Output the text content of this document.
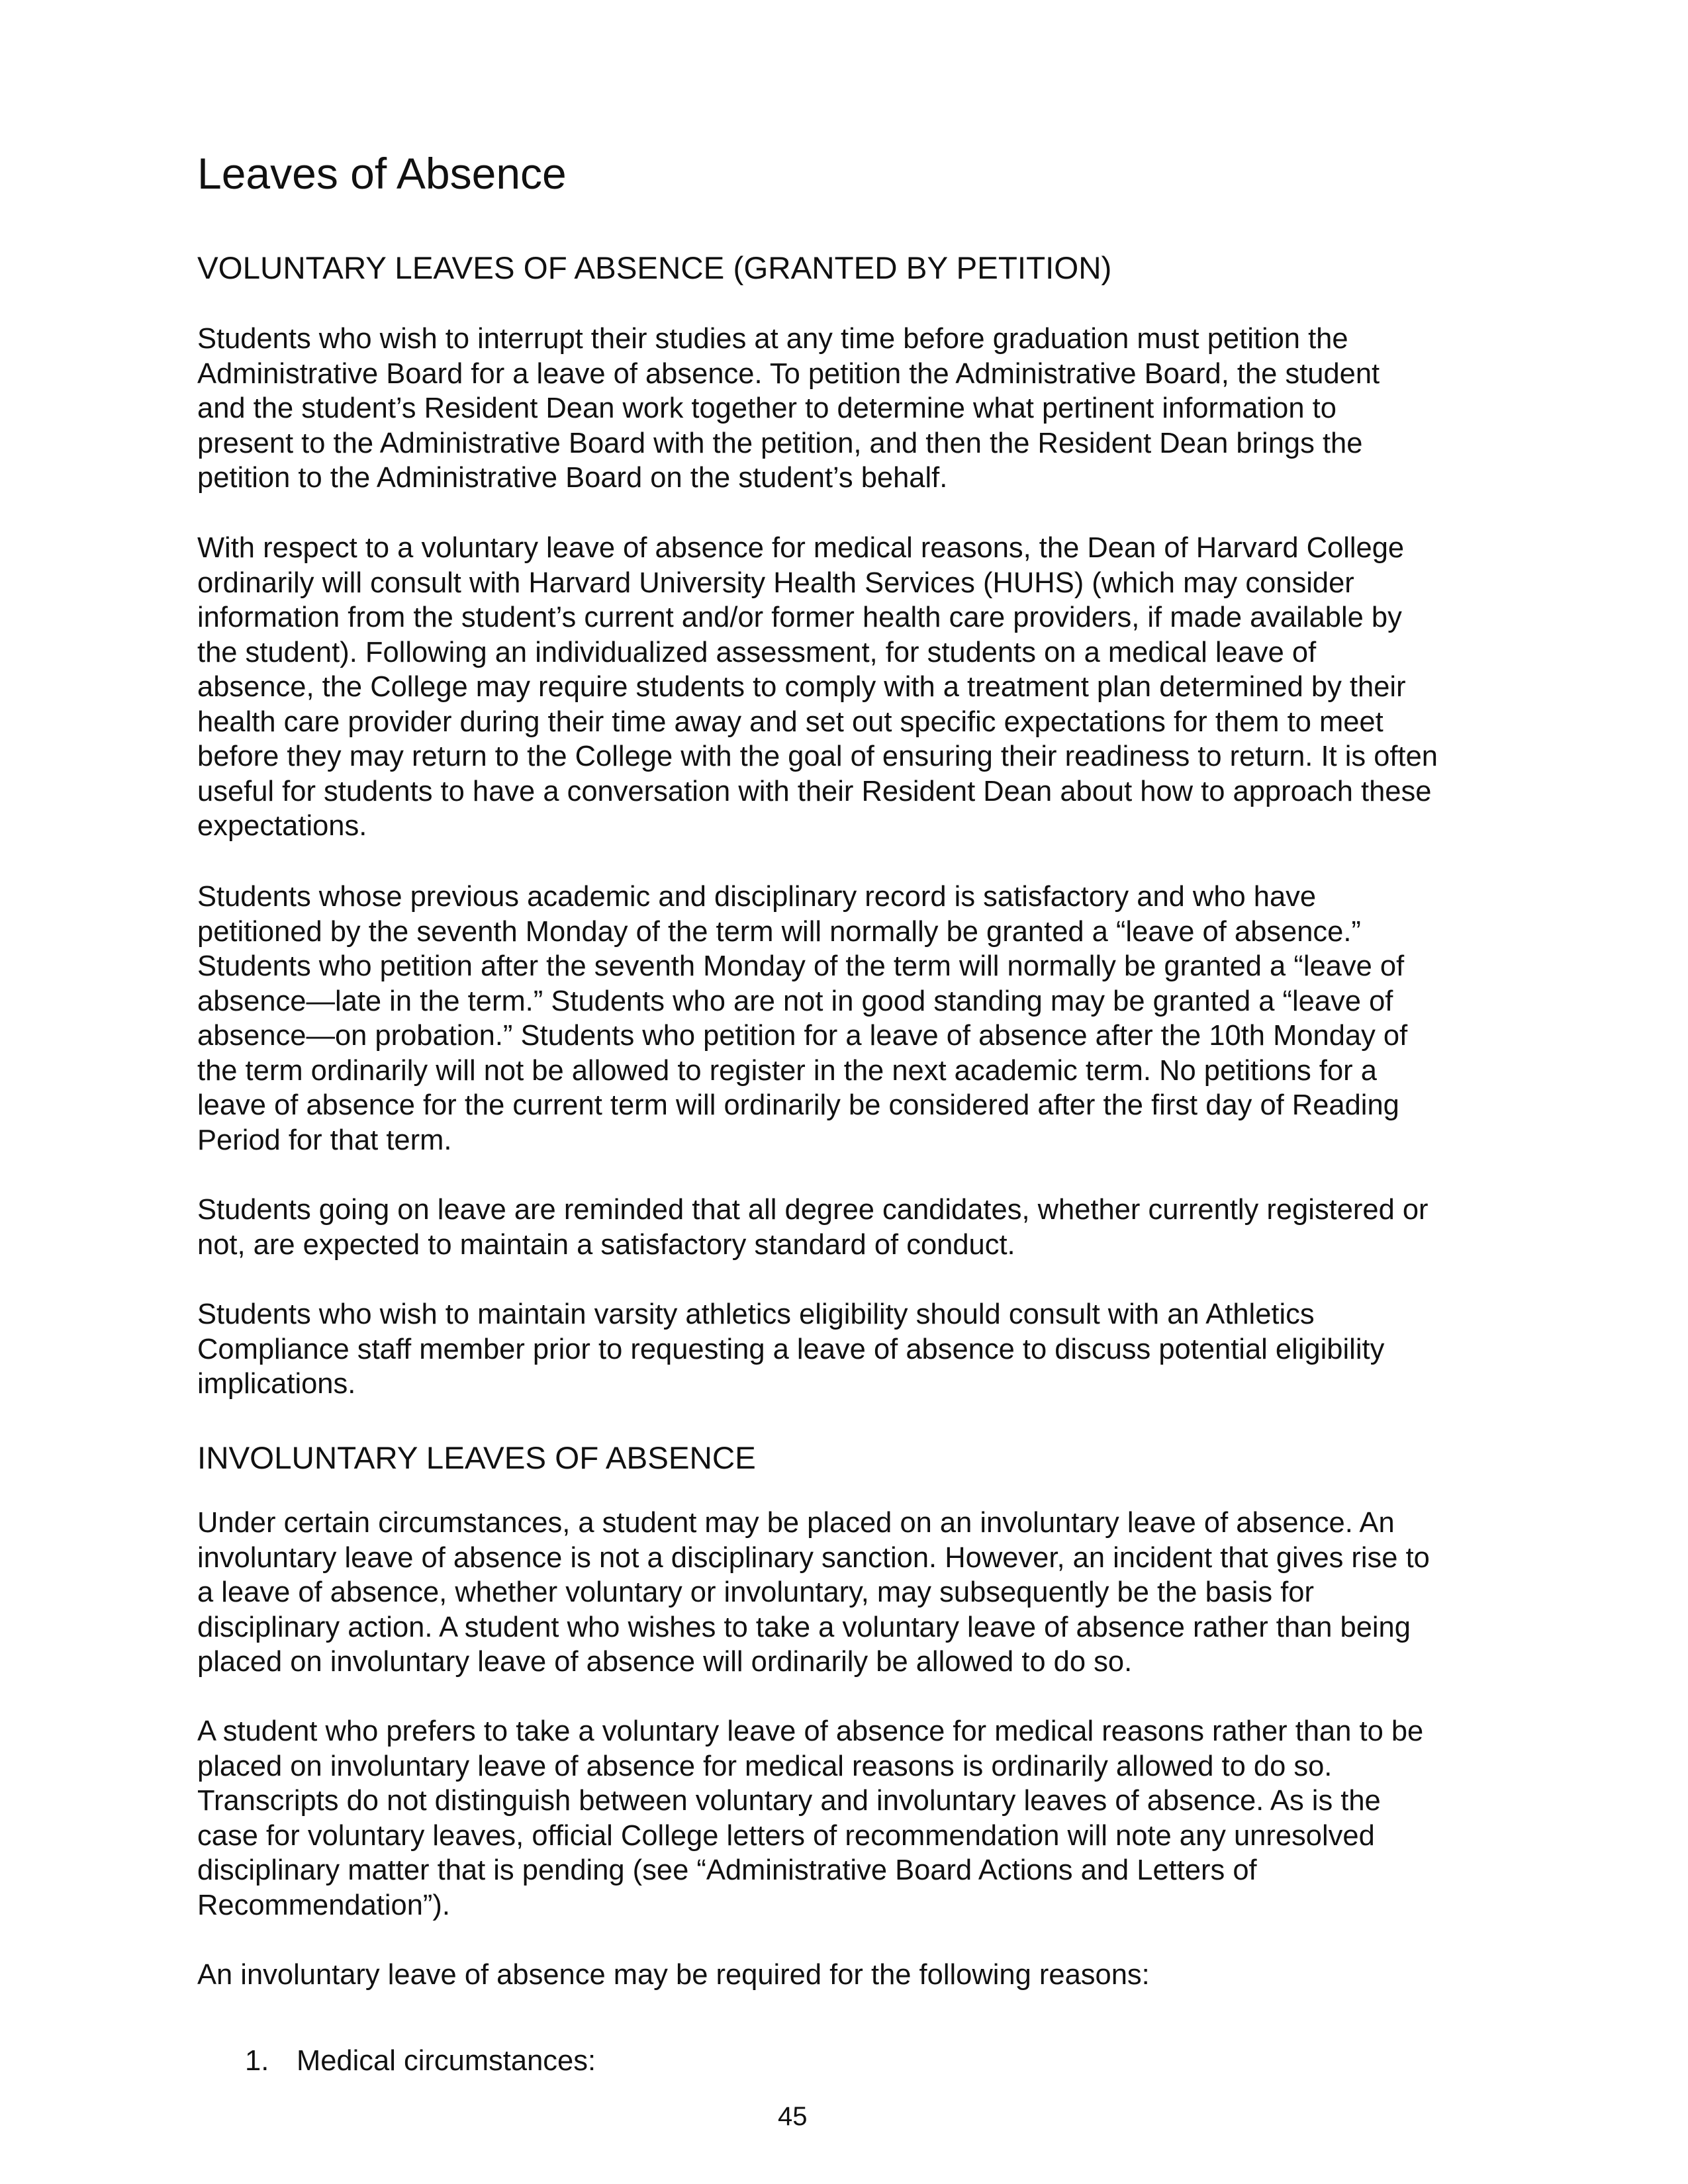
Leaves of Absence
VOLUNTARY LEAVES OF ABSENCE (GRANTED BY PETITION)

Students who wish to interrupt their studies at any time before graduation must petition the
Administrative Board for a leave of absence. To petition the Administrative Board, the student
and the student’s Resident Dean work together to determine what pertinent information to
present to the Administrative Board with the petition, and then the Resident Dean brings the
petition to the Administrative Board on the student’s behalf.

With respect to a voluntary leave of absence for medical reasons, the Dean of Harvard College
ordinarily will consult with Harvard University Health Services (HUHS) (which may consider
information from the student’s current and/or former health care providers, if made available by
the student). Following an individualized assessment, for students on a medical leave of
absence, the College may require students to comply with a treatment plan determined by their
health care provider during their time away and set out specific expectations for them to meet
before they may return to the College with the goal of ensuring their readiness to return. It is often
useful for students to have a conversation with their Resident Dean about how to approach these
expectations.

Students whose previous academic and disciplinary record is satisfactory and who have
petitioned by the seventh Monday of the term will normally be granted a “leave of absence.”
Students who petition after the seventh Monday of the term will normally be granted a “leave of
absence—late in the term.” Students who are not in good standing may be granted a “leave of
absence—on probation.” Students who petition for a leave of absence after the 10th Monday of
the term ordinarily will not be allowed to register in the next academic term. No petitions for a
leave of absence for the current term will ordinarily be considered after the first day of Reading
Period for that term.

Students going on leave are reminded that all degree candidates, whether currently registered or
not, are expected to maintain a satisfactory standard of conduct.

Students who wish to maintain varsity athletics eligibility should consult with an Athletics
Compliance staff member prior to requesting a leave of absence to discuss potential eligibility
implications.

INVOLUNTARY LEAVES OF ABSENCE

Under certain circumstances, a student may be placed on an involuntary leave of absence. An
involuntary leave of absence is not a disciplinary sanction. However, an incident that gives rise to
a leave of absence, whether voluntary or involuntary, may subsequently be the basis for
disciplinary action. A student who wishes to take a voluntary leave of absence rather than being
placed on involuntary leave of absence will ordinarily be allowed to do so.

A student who prefers to take a voluntary leave of absence for medical reasons rather than to be
placed on involuntary leave of absence for medical reasons is ordinarily allowed to do so.
Transcripts do not distinguish between voluntary and involuntary leaves of absence. As is the
case for voluntary leaves, official College letters of recommendation will note any unresolved
disciplinary matter that is pending (see “Administrative Board Actions and Letters of
Recommendation”).

An involuntary leave of absence may be required for the following reasons:

1. Medical circumstances:
45
